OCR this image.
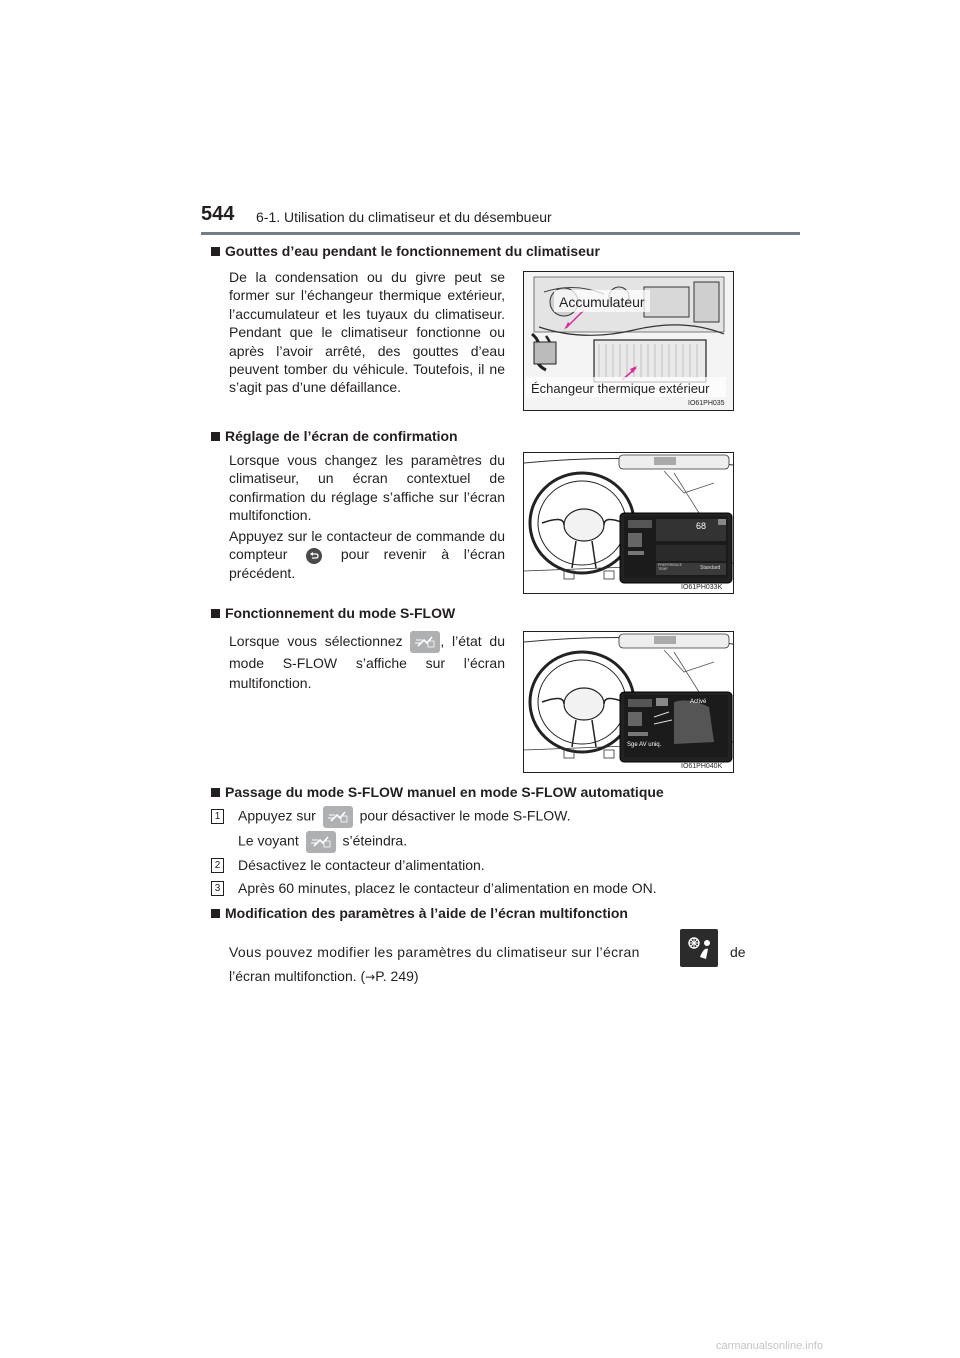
544 6-1. Utilisation du climatiseur et du désembueur
Gouttes d’eau pendant le fonctionnement du climatiseur
De la condensation ou du givre peut se former sur l’échangeur thermique extérieur, l’accumulateur et les tuyaux du climatiseur. Pendant que le climatiseur fonctionne ou après l’avoir arrêté, des gouttes d’eau peuvent tomber du véhicule. Toutefois, il ne s’agit pas d’une défaillance.
Accumulateur
Échangeur thermique extérieur
IO61PH035
Réglage de l’écran de confirmation
Lorsque vous changez les paramètres du climatiseur, un écran contextuel de confirmation du réglage s’affiche sur l’écran multifonction.
Appuyez sur le contacteur de commande du compteur	pour revenir à l’écran précédent.
68
Standard
PREFERENCE TEMP
IO61PH033K
Fonctionnement du mode S-FLOW
Lorsque vous sélectionnez	, l’état du mode S-FLOW s’affiche sur l’écran multifonction.
Activé
Sge AV uniq.
IO61PH040K
Passage du mode S-FLOW manuel en mode S-FLOW automatique
1 Appuyez sur	pour désactiver le mode S-FLOW.
Le voyant	s’éteindra.
2 Désactivez le contacteur d’alimentation.
3 Après 60 minutes, placez le contacteur d’alimentation en mode ON.
Modification des paramètres à l’aide de l’écran multifonction
Vous pouvez modifier les paramètres du climatiseur sur l’écran	de
l’écran multifonction. (→P. 249)
carmanualsonline.info
